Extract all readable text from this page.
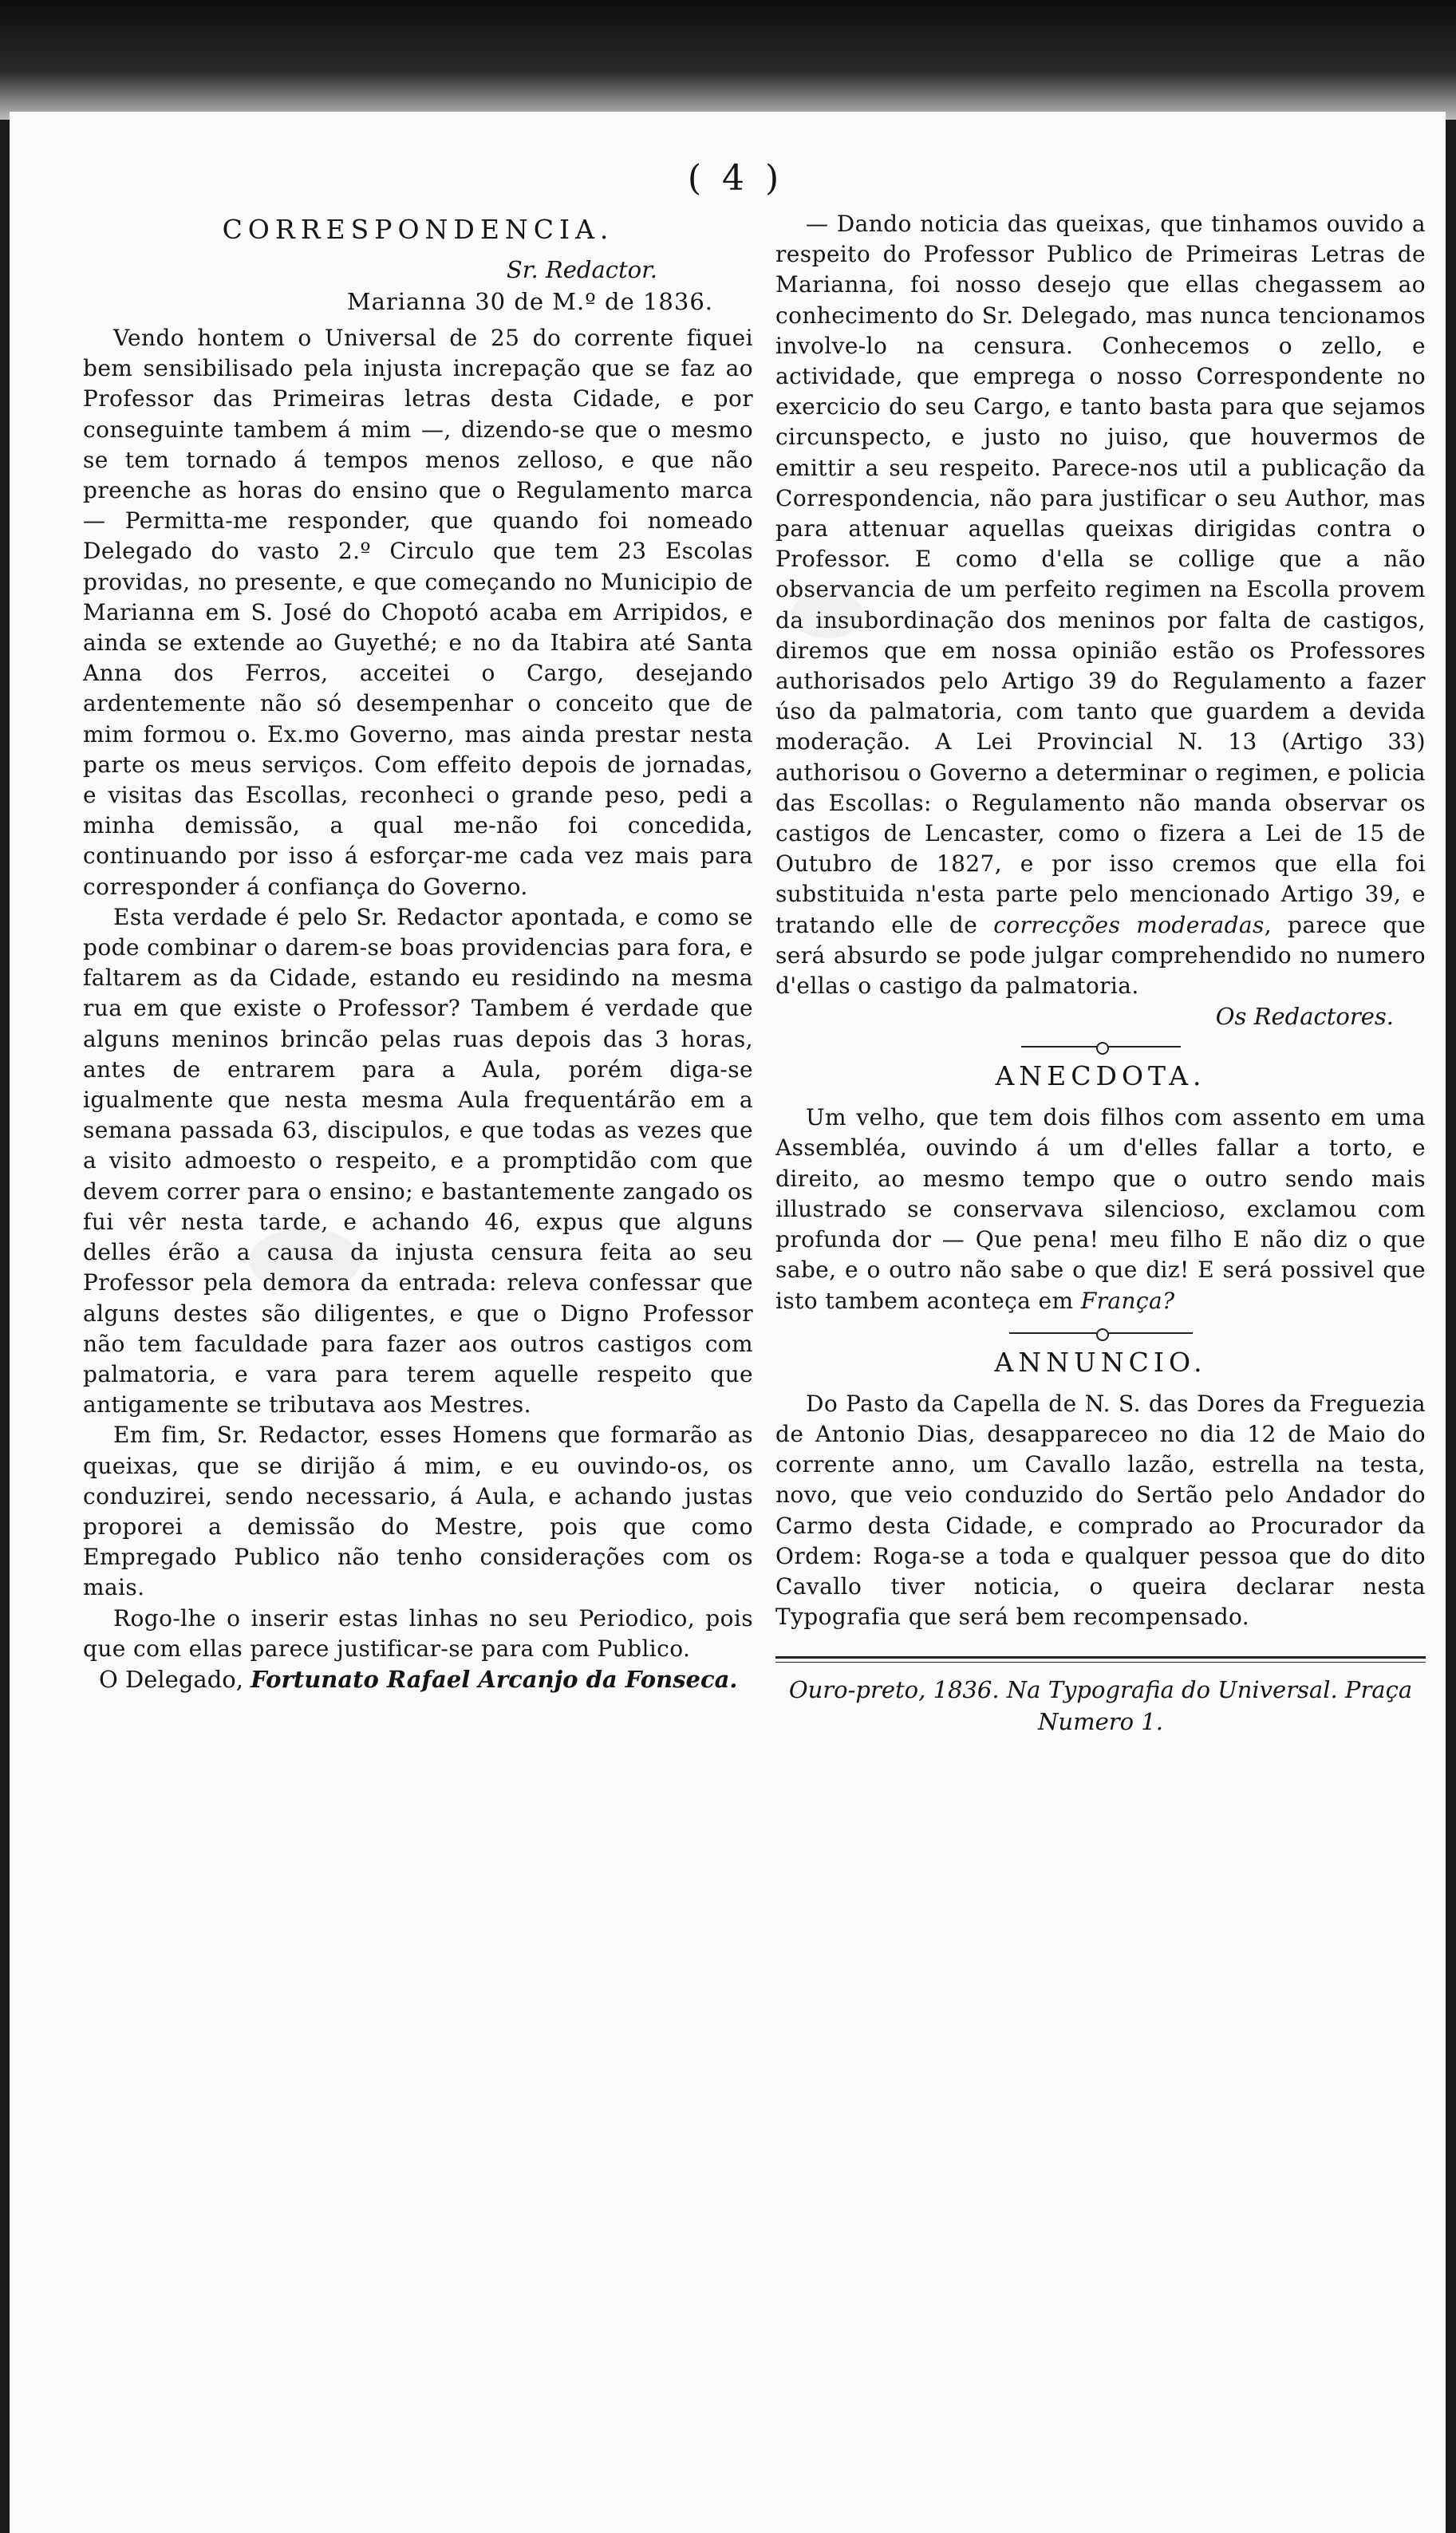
( 4 )
CORRESPONDENCIA.
Sr. Redactor.
Marianna 30 de M.º de 1836.

Vendo hontem o Universal de 25 do corrente fiquei bem sensibilisado pela injusta increpação que se faz ao Professor das Primeiras letras desta Cidade, e por conseguinte tambem á mim —, dizendo-se que o mesmo se tem tornado á tempos menos zelloso, e que não preenche as horas do ensino que o Regulamento marca — Permitta-me responder, que quando foi nomeado Delegado do vasto 2.º Circulo que tem 23 Escolas providas, no presente, e que começando no Municipio de Marianna em S. José do Chopotó acaba em Arripidos, e ainda se extende ao Guyethé; e no da Itabira até Santa Anna dos Ferros, acceitei o Cargo, desejando ardentemente não só desempenhar o conceito que de mim formou o. Ex.mo Governo, mas ainda prestar nesta parte os meus serviços. Com effeito depois de jornadas, e visitas das Escollas, reconheci o grande peso, pedi a minha demissão, a qual me-não foi concedida, continuando por isso á esforçar-me cada vez mais para corresponder á confiança do Governo.

Esta verdade é pelo Sr. Redactor apontada, e como se pode combinar o darem-se boas providencias para fora, e faltarem as da Cidade, estando eu residindo na mesma rua em que existe o Professor? Tambem é verdade que alguns meninos brincão pelas ruas depois das 3 horas, antes de entrarem para a Aula, porém diga-se igualmente que nesta mesma Aula frequentárão em a semana passada 63, discipulos, e que todas as vezes que a visito admoesto o respeito, e a promptidão com que devem correr para o ensino; e bastantemente zangado os fui vêr nesta tarde, e achando 46, expus que alguns delles érão a causa da injusta censura feita ao seu Professor pela demora da entrada: releva confessar que alguns destes são diligentes, e que o Digno Professor não tem faculdade para fazer aos outros castigos com palmatoria, e vara para terem aquelle respeito que antigamente se tributava aos Mestres.

Em fim, Sr. Redactor, esses Homens que formarão as queixas, que se dirijão á mim, e eu ouvindo-os, os conduzirei, sendo necessario, á Aula, e achando justas proporei a demissão do Mestre, pois que como Empregado Publico não tenho considerações com os mais.

Rogo-lhe o inserir estas linhas no seu Periodico, pois que com ellas parece justificar-se para com Publico.

O Delegado, Fortunato Rafael Arcanjo da Fonseca.

— Dando noticia das queixas, que tinhamos ouvido a respeito do Professor Publico de Primeiras Letras de Marianna, foi nosso desejo que ellas chegassem ao conhecimento do Sr. Delegado, mas nunca tencionamos involve-lo na censura. Conhecemos o zello, e actividade, que emprega o nosso Correspondente no exercicio do seu Cargo, e tanto basta para que sejamos circunspecto, e justo no juiso, que houvermos de emittir a seu respeito. Parece-nos util a publicação da Correspondencia, não para justificar o seu Author, mas para attenuar aquellas queixas dirigidas contra o Professor. E como d'ella se collige que a não observancia de um perfeito regimen na Escolla provem da insubordinação dos meninos por falta de castigos, diremos que em nossa opinião estão os Professores authorisados pelo Artigo 39 do Regulamento a fazer úso da palmatoria, com tanto que guardem a devida moderação. A Lei Provincial N. 13 (Artigo 33) authorisou o Governo a determinar o regimen, e policia das Escollas: o Regulamento não manda observar os castigos de Lencaster, como o fizera a Lei de 15 de Outubro de 1827, e por isso cremos que ella foi substituida n'esta parte pelo mencionado Artigo 39, e tratando elle de correcções moderadas, parece que será absurdo se pode julgar comprehendido no numero d'ellas o castigo da palmatoria.

Os Redactores.
ANECDOTA.

Um velho, que tem dois filhos com assento em uma Assembléa, ouvindo á um d'elles fallar a torto, e direito, ao mesmo tempo que o outro sendo mais illustrado se conservava silencioso, exclamou com profunda dor — Que pena! meu filho E não diz o que sabe, e o outro não sabe o que diz! E será possivel que isto tambem aconteça em França?

ANNUNCIO.

Do Pasto da Capella de N. S. das Dores da Freguezia de Antonio Dias, desappareceo no dia 12 de Maio do corrente anno, um Cavallo lazão, estrella na testa, novo, que veio conduzido do Sertão pelo Andador do Carmo desta Cidade, e comprado ao Procurador da Ordem: Roga-se a toda e qualquer pessoa que do dito Cavallo tiver noticia, o queira declarar nesta Typografia que será bem recompensado.

Ouro-preto, 1836. Na Typografia do Universal. Praça Numero 1.
